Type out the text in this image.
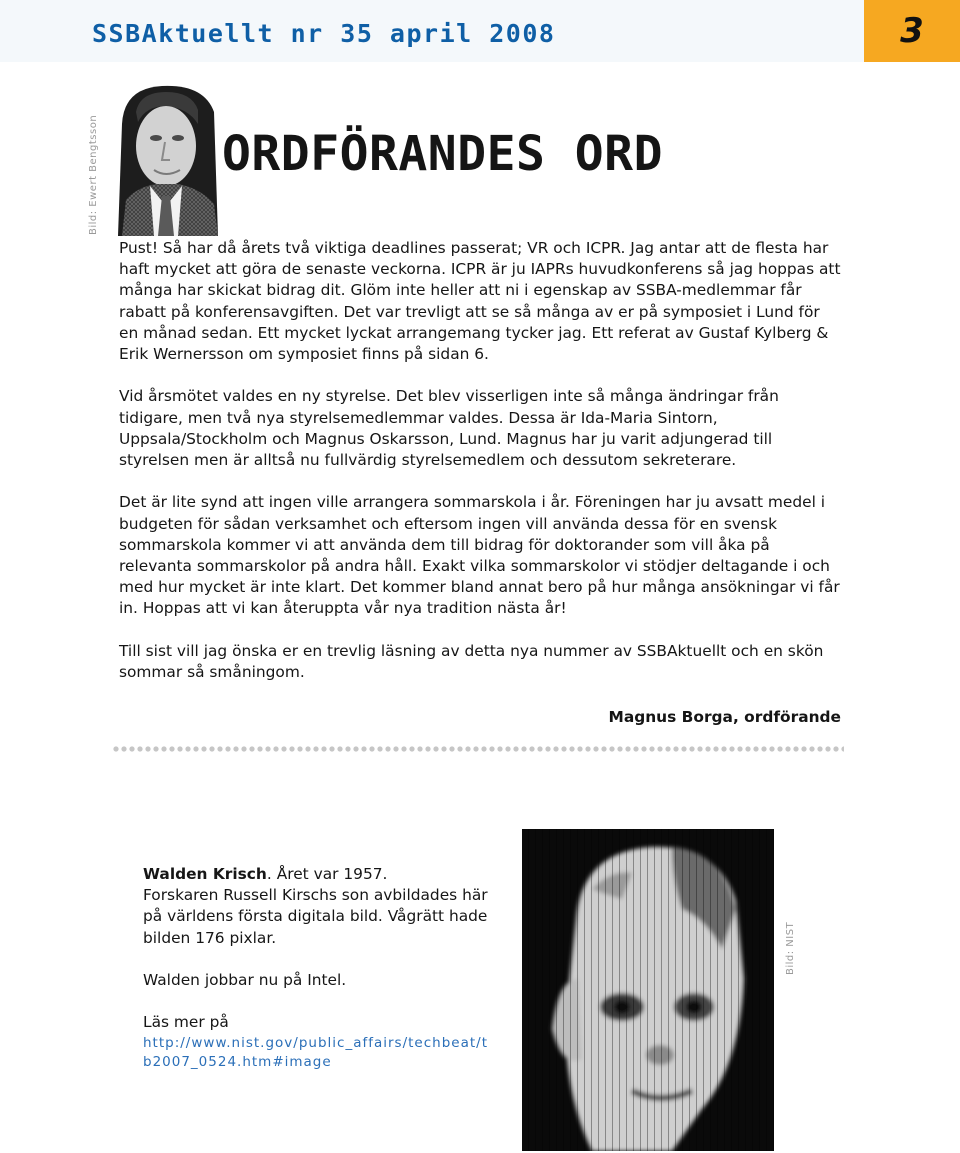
SSBAktuellt nr 35 april 2008	3
Bild: Ewert Bengtsson	ORDFÖRANDES ORD

Pust! Så har då årets två viktiga deadlines passerat; VR och ICPR. Jag antar att de flesta har haft mycket att göra de senaste veckorna. ICPR är ju IAPRs huvudkonferens så jag hoppas att många har skickat bidrag dit. Glöm inte heller att ni i egenskap av SSBA-medlemmar får rabatt på konferensavgiften. Det var trevligt att se så många av er på symposiet i Lund för en månad sedan. Ett mycket lyckat arrangemang tycker jag. Ett referat av Gustaf Kylberg & Erik Wernersson om symposiet finns på sidan 6.

Vid årsmötet valdes en ny styrelse. Det blev visserligen inte så många ändringar från tidigare, men två nya styrelsemedlemmar valdes. Dessa är Ida-Maria Sintorn, Uppsala/Stockholm och Magnus Oskarsson, Lund. Magnus har ju varit adjungerad till styrelsen men är alltså nu fullvärdig styrelsemedlem och dessutom sekreterare.

Det är lite synd att ingen ville arrangera sommarskola i år. Föreningen har ju avsatt medel i budgeten för sådan verksamhet och eftersom ingen vill använda dessa för en svensk sommarskola kommer vi att använda dem till bidrag för doktorander som vill åka på relevanta sommarskolor på andra håll. Exakt vilka sommarskolor vi stödjer deltagande i och med hur mycket är inte klart. Det kommer bland annat bero på hur många ansökningar vi får in. Hoppas att vi kan återuppta vår nya tradition nästa år!

Till sist vill jag önska er en trevlig läsning av detta nya nummer av SSBAktuellt och en skön sommar så småningom.

Magnus Borga, ordförande

Walden Krisch. Året var 1957.
Forskaren Russell Kirschs son avbildades här på världens första digitala bild. Vågrätt hade bilden 176 pixlar.

Walden jobbar nu på Intel.

Läs mer på
http://www.nist.gov/public_affairs/techbeat/tb2007_0524.htm#image
Bild: NIST
